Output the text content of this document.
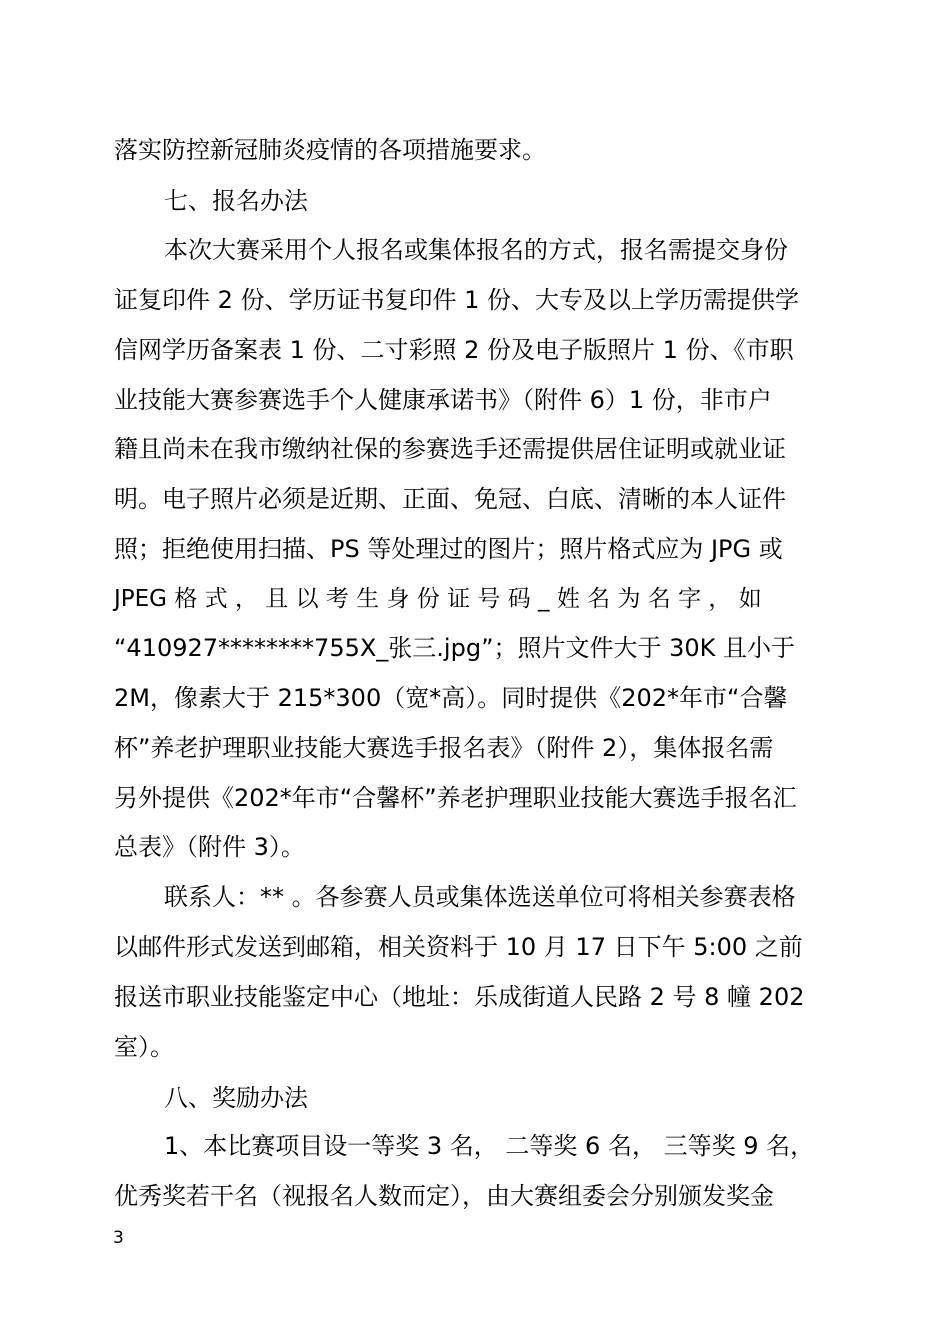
落实防控新冠肺炎疫情的各项措施要求。
七、报名办法
本次大赛采用个人报名或集体报名的方式，报名需提交身份
证复印件 2 份、学历证书复印件 1 份、大专及以上学历需提供学
信网学历备案表 1 份、二寸彩照 2 份及电子版照片 1 份、《市职
业技能大赛参赛选手个人健康承诺书》（附件 6）1 份，非市户
籍且尚未在我市缴纳社保的参赛选手还需提供居住证明或就业证
明。电子照片必须是近期、正面、免冠、白底、清晰的本人证件
照；拒绝使用扫描、PS 等处理过的图片；照片格式应为 JPG 或
JPEG 格 式 ， 且 以 考 生 身 份 证 号 码 _ 姓 名 为 名 字 ， 如
“410927********755X_张三.jpg”；照片文件大于 30K 且小于
2M，像素大于 215*300（宽*高）。同时提供《202*年市“合馨
杯”养老护理职业技能大赛选手报名表》（附件 2），集体报名需
另外提供《202*年市“合馨杯”养老护理职业技能大赛选手报名汇
总表》（附件 3）。
联系人：** 。各参赛人员或集体选送单位可将相关参赛表格
以邮件形式发送到邮箱，相关资料于 10 月 17 日下午 5:00 之前
报送市职业技能鉴定中心（地址：乐成街道人民路 2 号 8 幢 202
室）。
八、奖励办法
1、本比赛项目设一等奖 3 名， 二等奖 6 名， 三等奖 9 名，
优秀奖若干名（视报名人数而定），由大赛组委会分别颁发奖金
3
